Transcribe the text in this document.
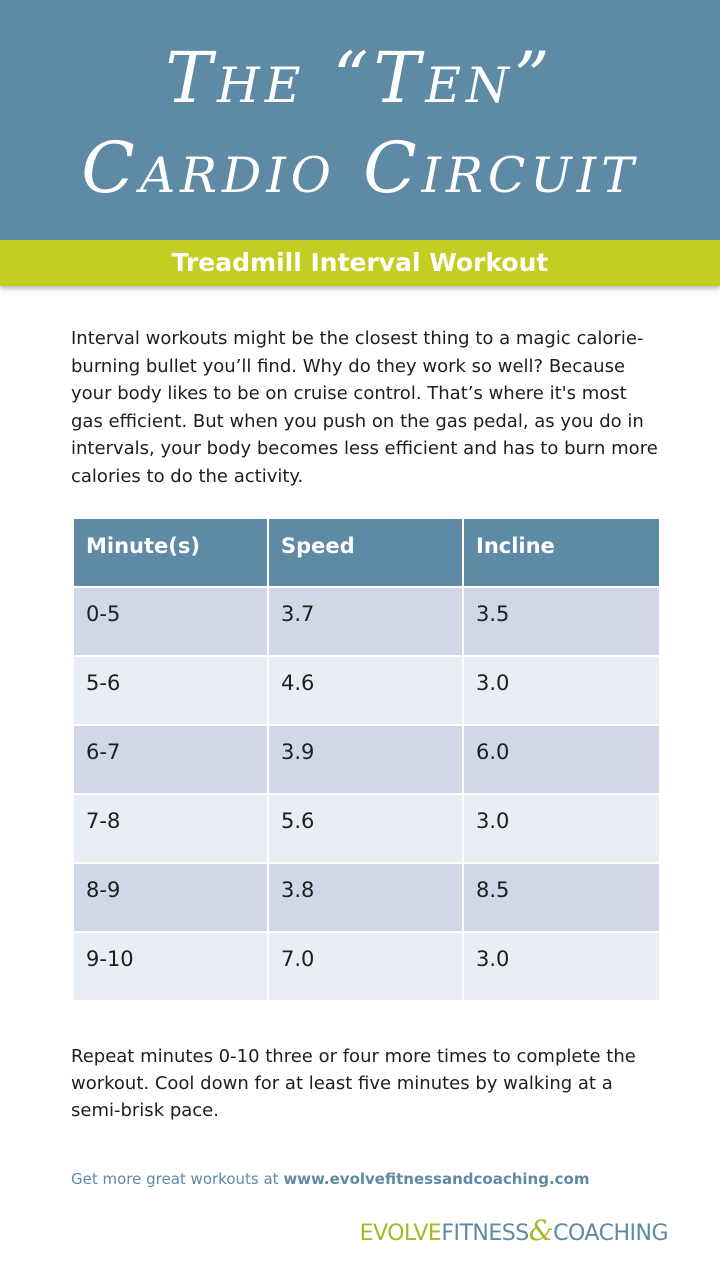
The “Ten”
Cardio Circuit
Treadmill Interval Workout

Interval workouts might be the closest thing to a magic calorie-burning bullet you’ll find. Why do they work so well? Because your body likes to be on cruise control. That’s where it's most gas efficient. But when you push on the gas pedal, as you do in intervals, your body becomes less efficient and has to burn more calories to do the activity.

Minute(s)	Speed	Incline
0-5	3.7	3.5
5-6	4.6	3.0
6-7	3.9	6.0
7-8	5.6	3.0
8-9	3.8	8.5
9-10	7.0	3.0

Repeat minutes 0-10 three or four more times to complete the workout. Cool down for at least five minutes by walking at a semi-brisk pace.

Get more great workouts at www.evolvefitnessandcoaching.com
EVOLVEFITNESS&COACHING
